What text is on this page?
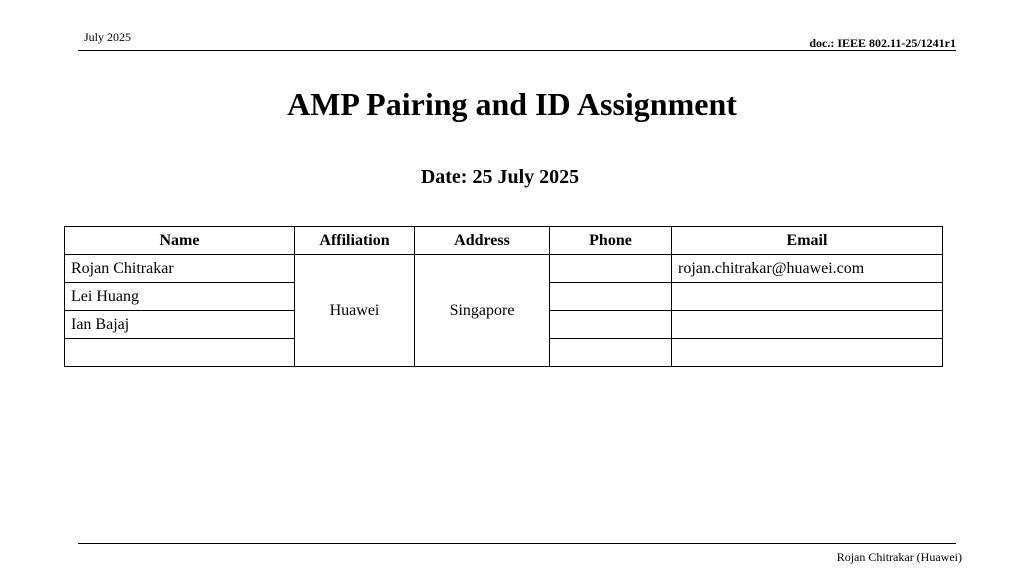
July 2025	doc.: IEEE 802.11-25/1241r1
AMP Pairing and ID Assignment
Date: 25 July 2025
Name	Affiliation	Address	Phone	Email
Rojan Chitrakar	Huawei	Singapore		rojan.chitrakar@huawei.com
Lei Huang				
Ian Bajaj				

Rojan Chitrakar (Huawei)
